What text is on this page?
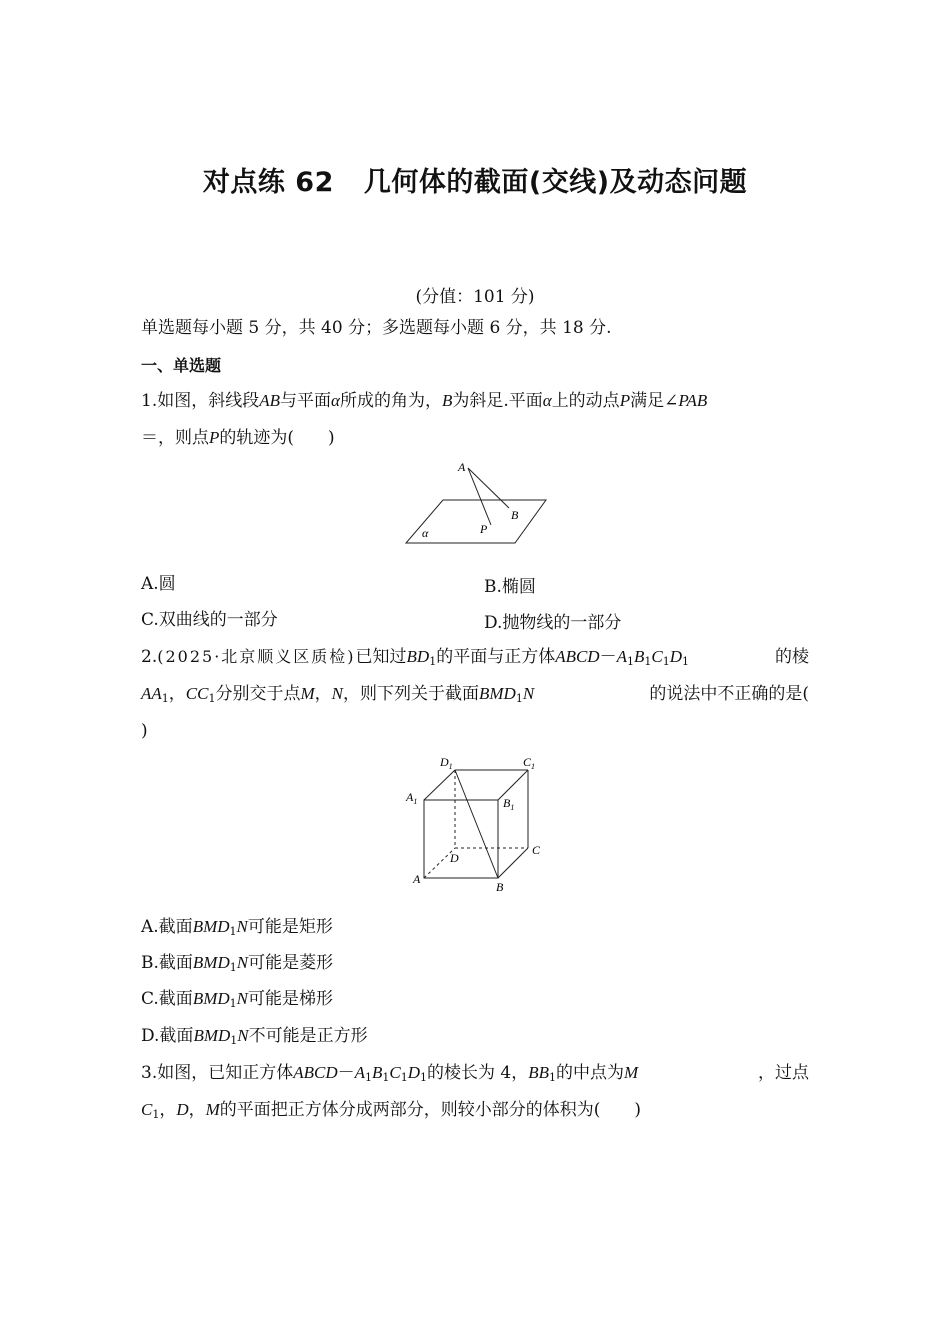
对点练 62 几何体的截面(交线)及动态问题
(分值：101 分)
单选题每小题 5 分，共 40 分；多选题每小题 6 分，共 18 分.
一、单选题
1.如图，斜线段AB与平面α所成的角为，B为斜足.平面α上的动点P满足∠PAB
＝，则点P的轨迹为(　　)
A
B
P
α
A.圆	B.椭圆
C.双曲线的一部分	D.抛物线的一部分
2.(2025·北京顺义区质检)已知过$BD_1$的平面与正方体$ABCD-A_1B_1C_1D_1$	的棱
$AA_1$，$CC_1$分别交于点M，N，则下列关于截面$BMD_1N$	的说法中不正确的是(
)
$D_1$	$C_1$
$A_1$	$B_1$
D
C
A
B
A.截面$BMD_1N$可能是矩形
B.截面$BMD_1N$可能是菱形
C.截面$BMD_1N$可能是梯形
D.截面$BMD_1N$不可能是正方形
3.如图，已知正方体$ABCD-A_1B_1C_1D_1$的棱长为 4，$BB_1$的中点为M	，过点
$C_1$，D，M的平面把正方体分成两部分，则较小部分的体积为(　　)
